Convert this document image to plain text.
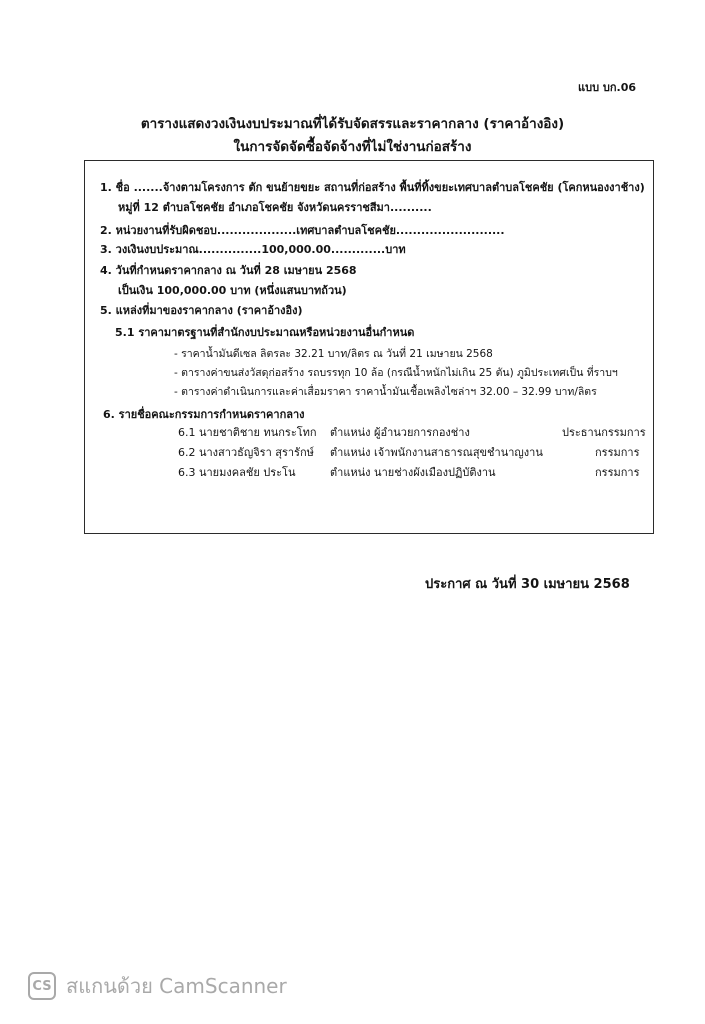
แบบ บก.06
ตารางแสดงวงเงินงบประมาณที่ได้รับจัดสรรและราคากลาง (ราคาอ้างอิง)
ในการจัดจัดซื้อจัดจ้างที่ไม่ใช่งานก่อสร้าง
1. ชื่อ .......จ้างตามโครงการ ตัก ขนย้ายขยะ สถานที่ก่อสร้าง พื้นที่ทิ้งขยะเทศบาลตำบลโชคชัย (โคกหนองงาช้าง)
หมู่ที่ 12 ตำบลโชคชัย อำเภอโชคชัย จังหวัดนครราชสีมา..........
2. หน่วยงานที่รับผิดชอบ...................เทศบาลตำบลโชคชัย..........................
3. วงเงินงบประมาณ...............100,000.00.............บาท
4. วันที่กำหนดราคากลาง ณ วันที่ 28 เมษายน 2568
เป็นเงิน 100,000.00 บาท (หนึ่งแสนบาทถ้วน)
5. แหล่งที่มาของราคากลาง (ราคาอ้างอิง)
5.1 ราคามาตรฐานที่สำนักงบประมาณหรือหน่วยงานอื่นกำหนด
- ราคาน้ำมันดีเซล ลิตรละ 32.21 บาท/ลิตร ณ วันที่ 21 เมษายน 2568
- ตารางค่าขนส่งวัสดุก่อสร้าง รถบรรทุก 10 ล้อ (กรณีน้ำหนักไม่เกิน 25 ตัน) ภูมิประเทศเป็น ที่ราบฯ
- ตารางค่าดำเนินการและค่าเสื่อมราคา ราคาน้ำมันเชื้อเพลิงไซล่าฯ 32.00 – 32.99 บาท/ลิตร
6. รายชื่อคณะกรรมการกำหนดราคากลาง
6.1 นายชาติชาย ทนกระโทก ตำแหน่ง ผู้อำนวยการกองช่าง	ประธานกรรมการ
6.2 นางสาวธัญจิรา สุรารักษ์ ตำแหน่ง เจ้าพนักงานสาธารณสุขชำนาญงาน	กรรมการ
6.3 นายมงคลชัย ประโน	ตำแหน่ง นายช่างผังเมืองปฏิบัติงาน	กรรมการ
ประกาศ ณ วันที่ 30 เมษายน 2568
CS สแกนด้วย CamScanner
